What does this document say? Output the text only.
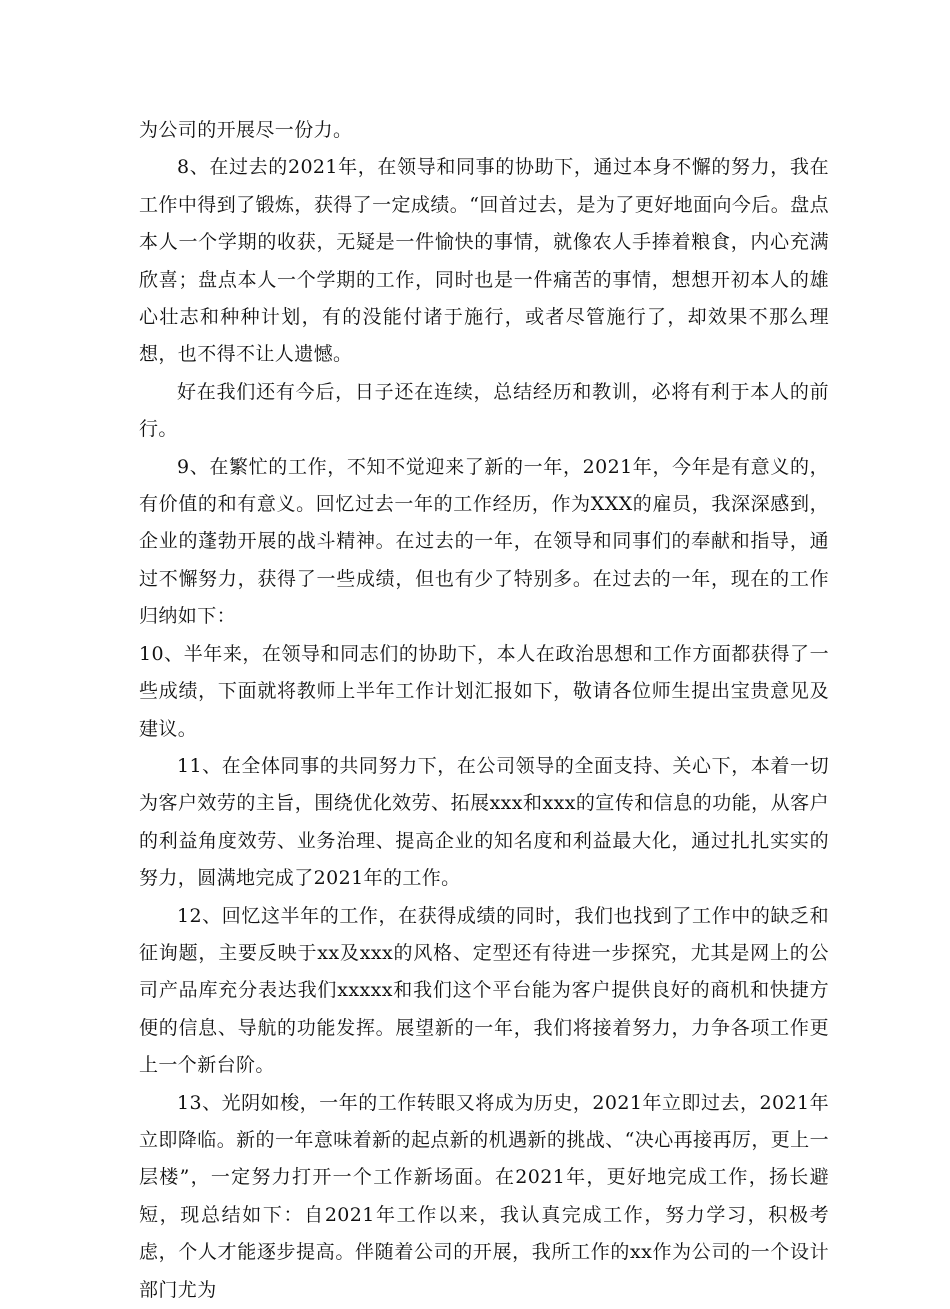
为公司的开展尽一份力。

8、在过去的2021年，在领导和同事的协助下，通过本身不懈的努力，我在工作中得到了锻炼，获得了一定成绩。“回首过去，是为了更好地面向今后。盘点本人一个学期的收获，无疑是一件愉快的事情，就像农人手捧着粮食，内心充满欣喜；盘点本人一个学期的工作，同时也是一件痛苦的事情，想想开初本人的雄心壮志和种种计划，有的没能付诸于施行，或者尽管施行了，却效果不那么理想，也不得不让人遗憾。

好在我们还有今后，日子还在连续，总结经历和教训，必将有利于本人的前行。

9、在繁忙的工作，不知不觉迎来了新的一年，2021年，今年是有意义的，有价值的和有意义。回忆过去一年的工作经历，作为XXX的雇员，我深深感到，企业的蓬勃开展的战斗精神。在过去的一年，在领导和同事们的奉献和指导，通过不懈努力，获得了一些成绩，但也有少了特别多。在过去的一年，现在的工作归纳如下：

10、半年来，在领导和同志们的协助下，本人在政治思想和工作方面都获得了一些成绩，下面就将教师上半年工作计划汇报如下，敬请各位师生提出宝贵意见及建议。

11、在全体同事的共同努力下，在公司领导的全面支持、关心下，本着一切为客户效劳的主旨，围绕优化效劳、拓展xxx和xxx的宣传和信息的功能，从客户的利益角度效劳、业务治理、提高企业的知名度和利益最大化，通过扎扎实实的努力，圆满地完成了2021年的工作。

12、回忆这半年的工作，在获得成绩的同时，我们也找到了工作中的缺乏和征询题，主要反映于xx及xxx的风格、定型还有待进一步探究，尤其是网上的公司产品库充分表达我们xxxxx和我们这个平台能为客户提供良好的商机和快捷方便的信息、导航的功能发挥。展望新的一年，我们将接着努力，力争各项工作更上一个新台阶。

13、光阴如梭，一年的工作转眼又将成为历史，2021年立即过去，2021年立即降临。新的一年意味着新的起点新的机遇新的挑战、“决心再接再厉，更上一层楼”，一定努力打开一个工作新场面。在2021年，更好地完成工作，扬长避短，现总结如下：自2021年工作以来，我认真完成工作，努力学习，积极考虑，个人才能逐步提高。伴随着公司的开展，我所工作的xx作为公司的一个设计部门尤为
